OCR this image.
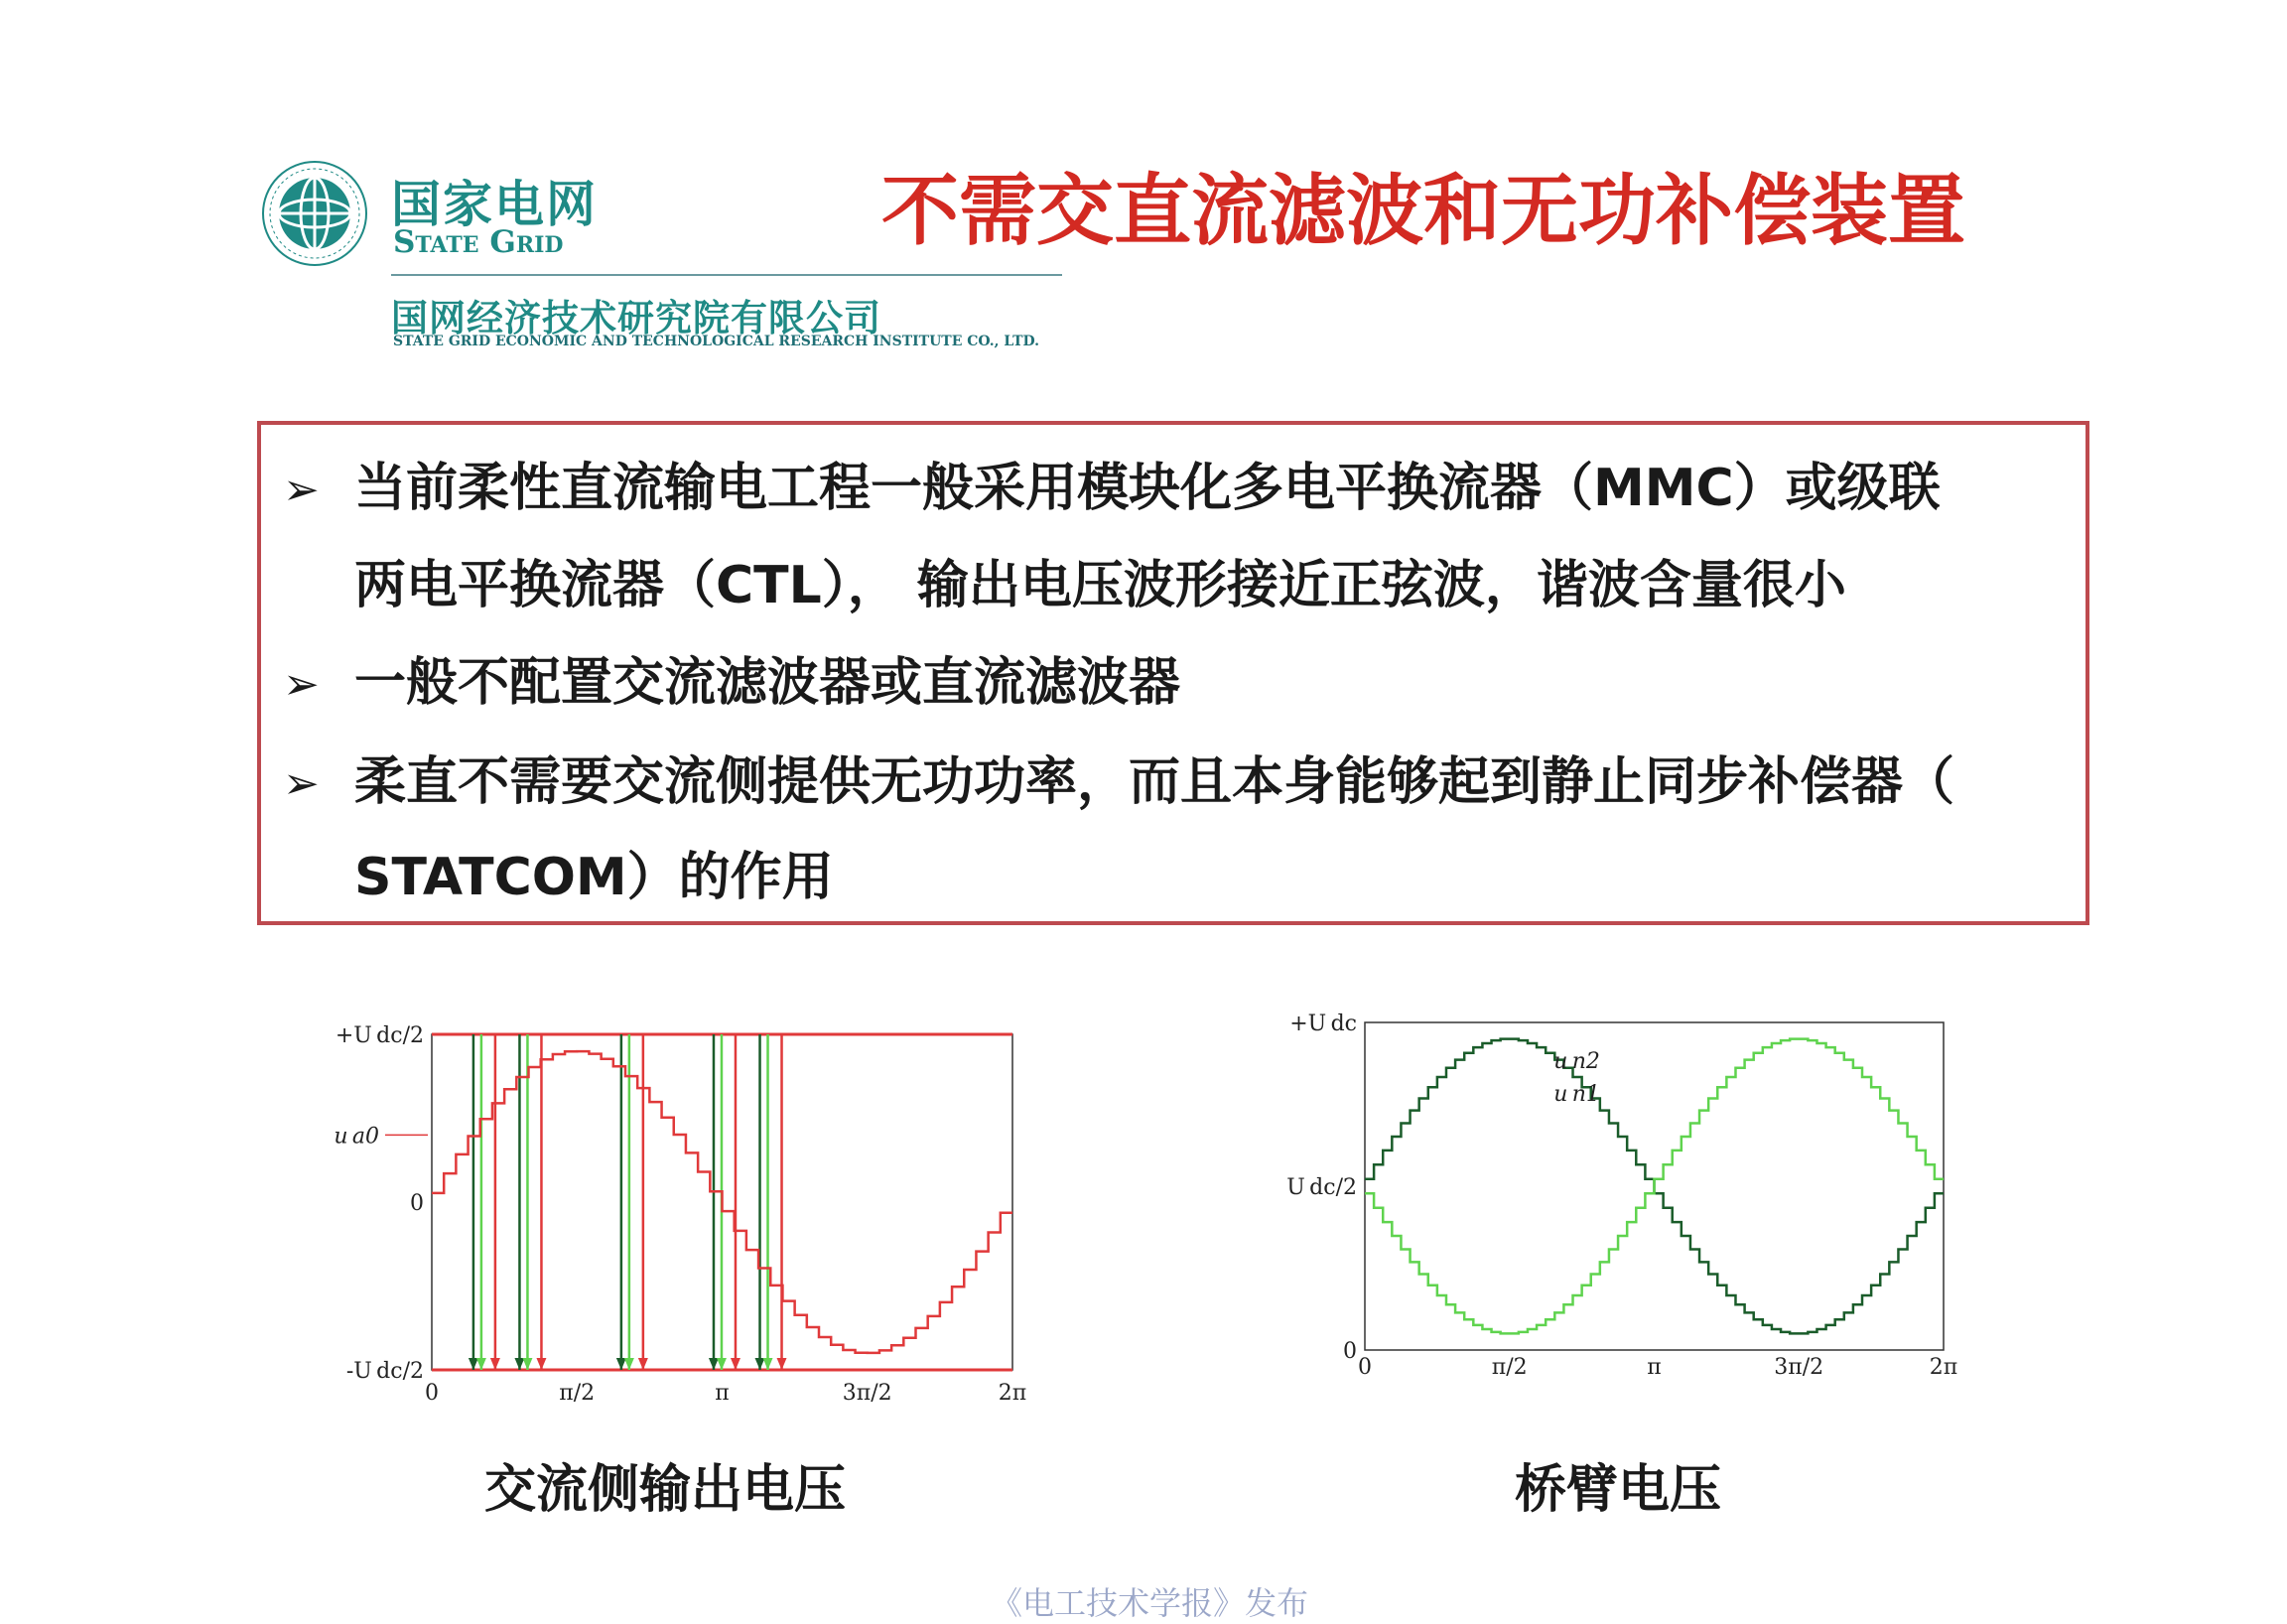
国家电网
State Grid
国网经济技术研究院有限公司
STATE GRID ECONOMIC AND TECHNOLOGICAL RESEARCH INSTITUTE CO., LTD.
不需交直流滤波和无功补偿装置
➢ 当前柔性直流输电工程一般采用模块化多电平换流器（MMC）或级联
两电平换流器（CTL）， 输出电压波形接近正弦波，谐波含量很小
➢ 一般不配置交流滤波器或直流滤波器
➢ 柔直不需要交流侧提供无功功率，而且本身能够起到静止同步补偿器（
STATCOM）的作用
u a0
0	π/2	π	3π/2	2π
+U dc/2
0
-U dc/2
交流侧输出电压
u n2
u n1
0	π/2	π	3π/2	2π
+U dc
U dc/2
0
桥臂电压
《电工技术学报》发布
